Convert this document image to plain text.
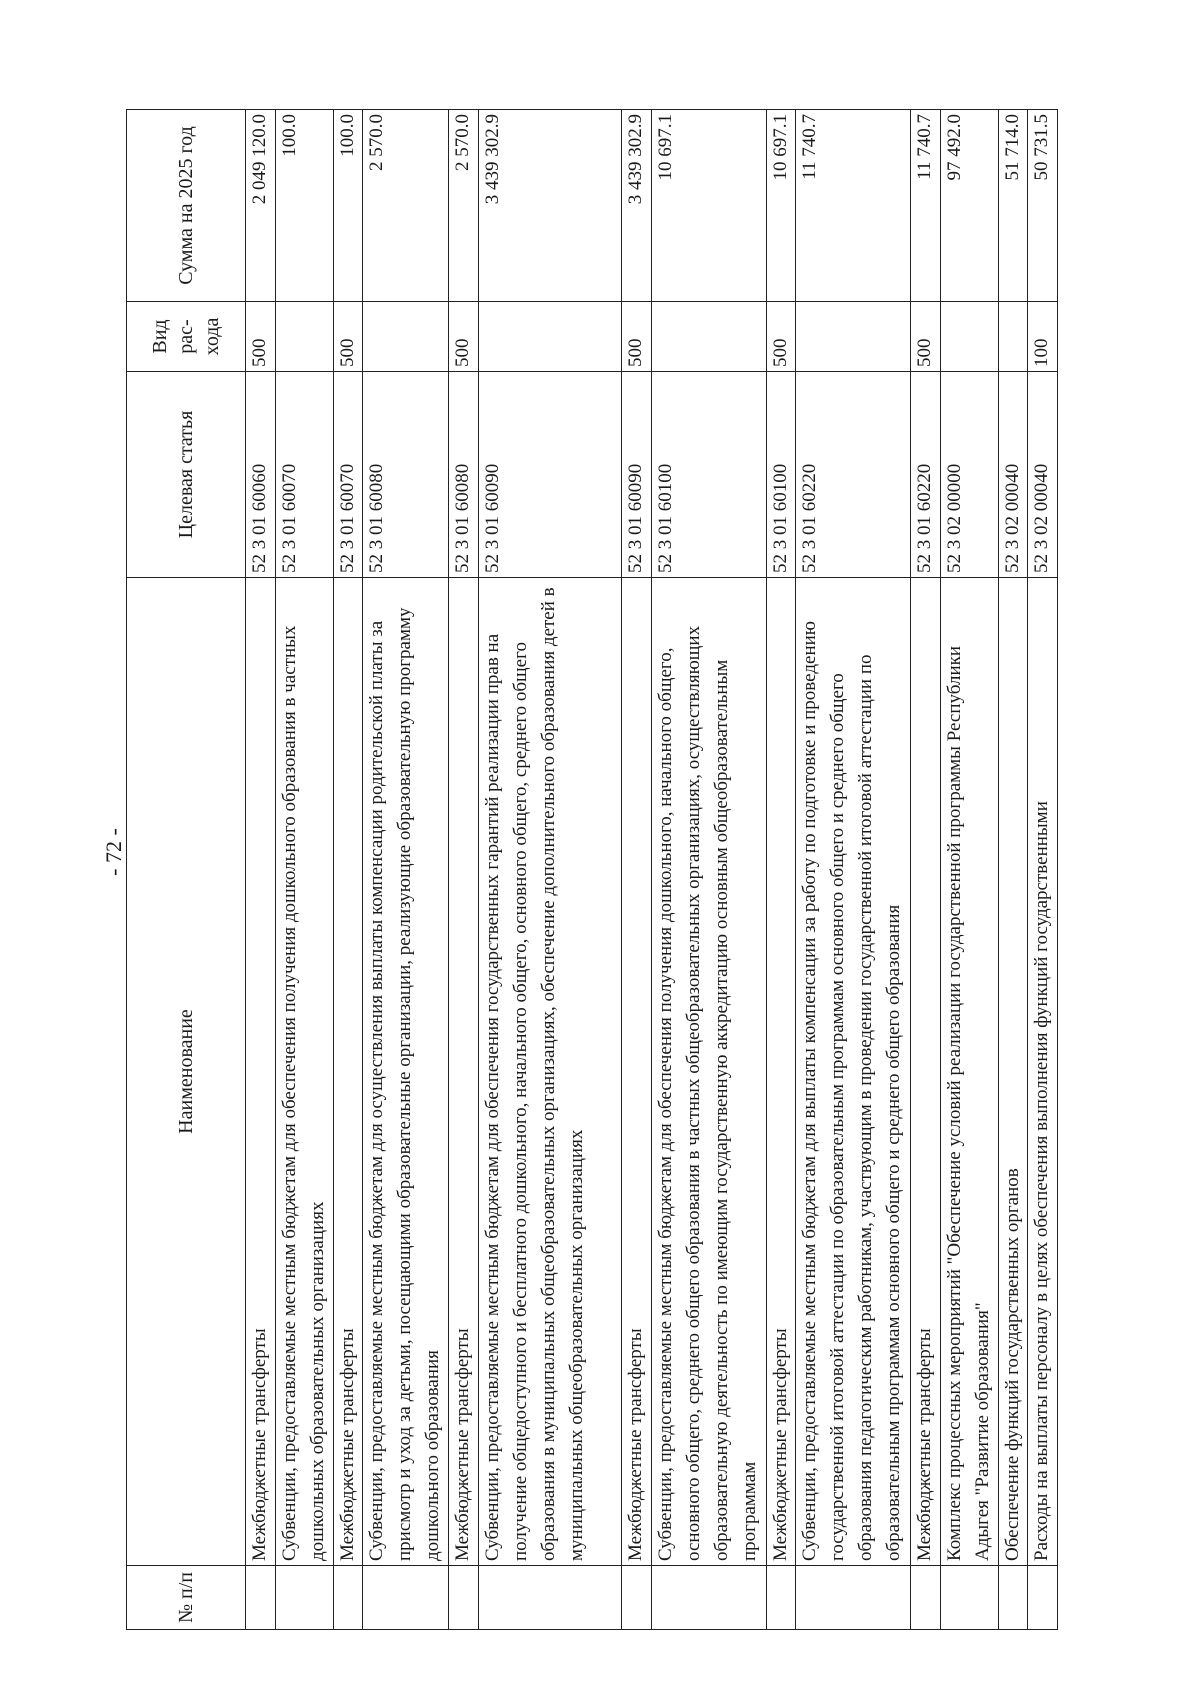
- 72 -
№ п/п	Наименование	Целевая статья	Вид рас-хода	Сумма на 2025 год
	Межбюджетные трансферты	52 3 01 60060	500	2 049 120.0
	Субвенции, предоставляемые местным бюджетам для обеспечения получения дошкольного образования в частных дошкольных образовательных организациях	52 3 01 60070		100.0
	Межбюджетные трансферты	52 3 01 60070	500	100.0
	Субвенции, предоставляемые местным бюджетам для осуществления выплаты компенсации родительской платы за присмотр и уход за детьми, посещающими образовательные организации, реализующие образовательную программу дошкольного образования	52 3 01 60080		2 570.0
	Межбюджетные трансферты	52 3 01 60080	500	2 570.0
	Субвенции, предоставляемые местным бюджетам для обеспечения государственных гарантий реализации прав на получение общедоступного и бесплатного дошкольного, начального общего, основного общего, среднего общего образования в муниципальных общеобразовательных организациях, обеспечение дополнительного образования детей в муниципальных общеобразовательных организациях	52 3 01 60090		3 439 302.9
	Межбюджетные трансферты	52 3 01 60090	500	3 439 302.9
	Субвенции, предоставляемые местным бюджетам для обеспечения получения дошкольного, начального общего, основного общего, среднего общего образования в частных общеобразовательных организациях, осуществляющих образовательную деятельность по имеющим государственную аккредитацию основным общеобразовательным программам	52 3 01 60100		10 697.1
	Межбюджетные трансферты	52 3 01 60100	500	10 697.1
	Субвенции, предоставляемые местным бюджетам для выплаты компенсации за работу по подготовке и проведению государственной итоговой аттестации по образовательным программам основного общего и среднего общего образования педагогическим работникам, участвующим в проведении государственной итоговой аттестации по образовательным программам основного общего и среднего общего образования	52 3 01 60220		11 740.7
	Межбюджетные трансферты	52 3 01 60220	500	11 740.7
	Комплекс процессных мероприятий "Обеспечение условий реализации государственной программы Республики Адыгея "Развитие образования"	52 3 02 00000		97 492.0
	Обеспечение функций государственных органов	52 3 02 00040		51 714.0
	Расходы на выплаты персоналу в целях обеспечения выполнения функций государственными	52 3 02 00040	100	50 731.5
